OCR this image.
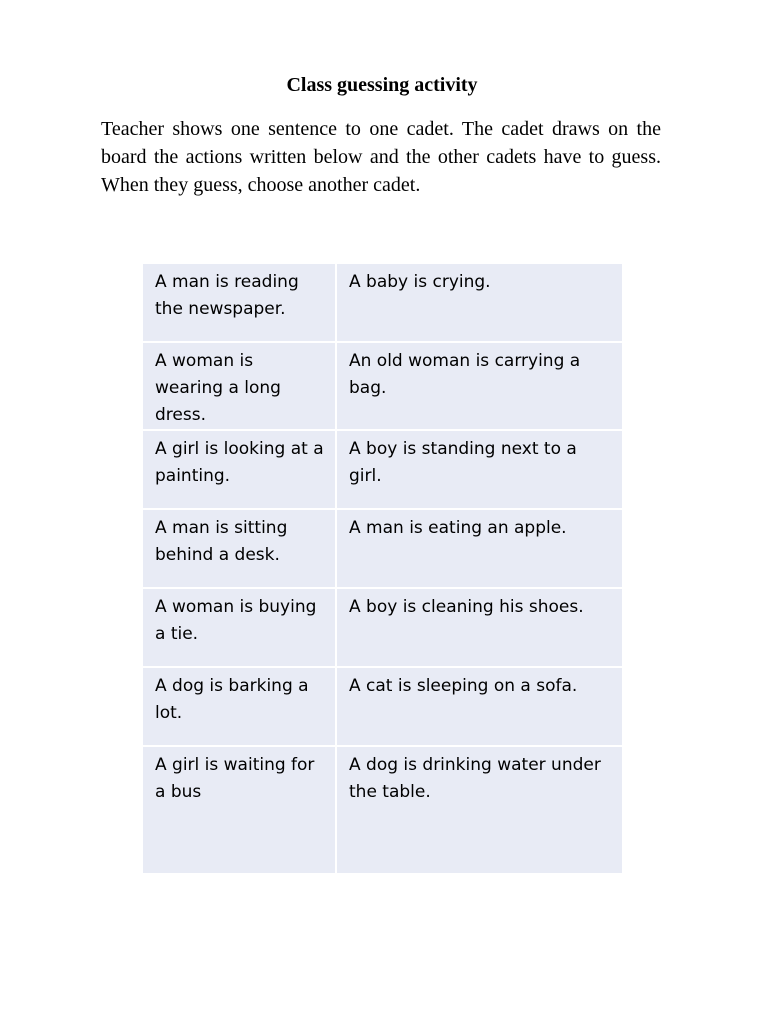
Class guessing activity

Teacher shows one sentence to one cadet. The cadet draws on the board the actions written below and the other cadets have to guess. When they guess, choose another cadet.

A man is reading the newspaper.	A baby is crying.
A woman is wearing a long dress.	An old woman is carrying a bag.
A girl is looking at a painting.	A boy is standing next to a girl.
A man is sitting behind a desk.	A man is eating an apple.
A woman is buying a tie.	A boy is cleaning his shoes.
A dog is barking a lot.	A cat is sleeping on a sofa.
A girl is waiting for a bus	A dog is drinking water under the table.
